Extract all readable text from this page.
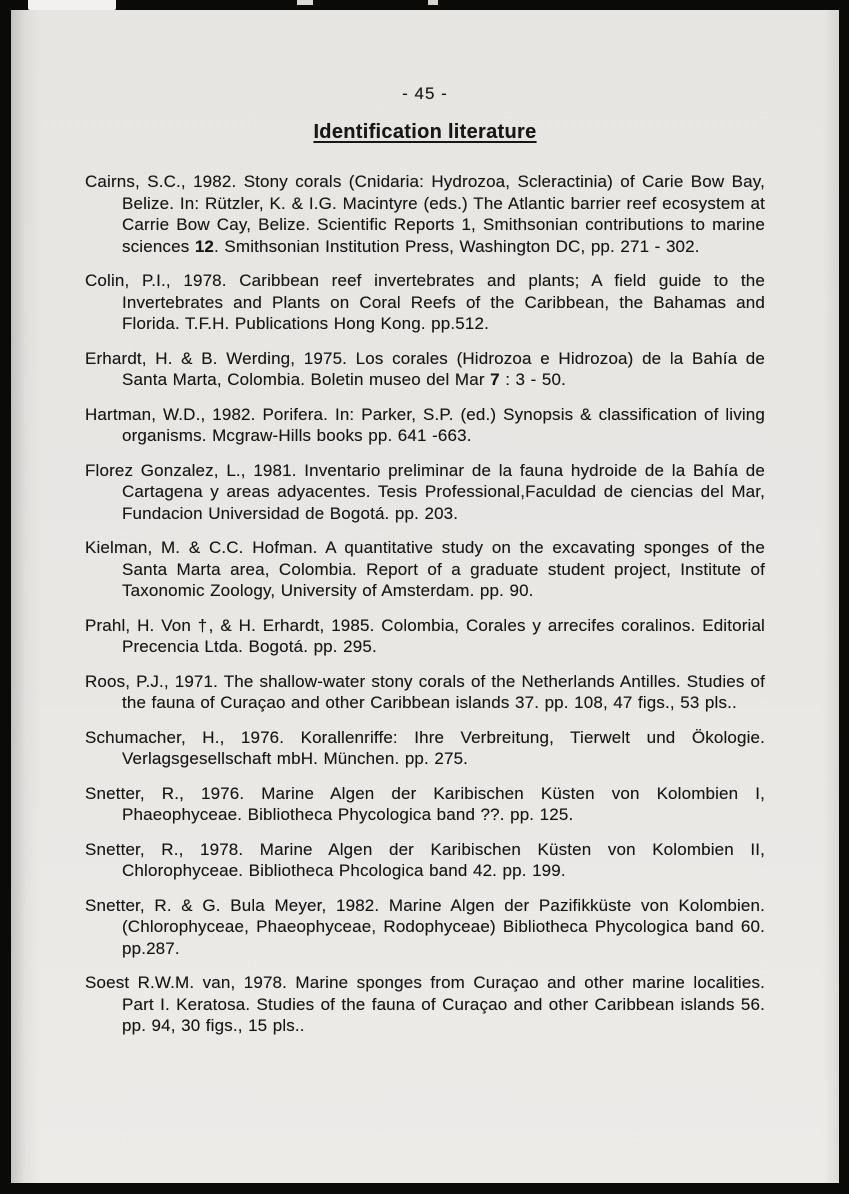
- 45 -
Identification literature

Cairns, S.C., 1982. Stony corals (Cnidaria: Hydrozoa, Scleractinia) of Carie Bow Bay, Belize. In: Rützler, K. & I.G. Macintyre (eds.) The Atlantic barrier reef ecosystem at Carrie Bow Cay, Belize. Scientific Reports 1, Smithsonian contributions to marine sciences 12. Smithsonian Institution Press, Washington DC, pp. 271 - 302.

Colin, P.I., 1978. Caribbean reef invertebrates and plants; A field guide to the Invertebrates and Plants on Coral Reefs of the Caribbean, the Bahamas and Florida. T.F.H. Publications Hong Kong. pp.512.

Erhardt, H. & B. Werding, 1975. Los corales (Hidrozoa e Hidrozoa) de la Bahía de Santa Marta, Colombia. Boletin museo del Mar 7 : 3 - 50.

Hartman, W.D., 1982. Porifera. In: Parker, S.P. (ed.) Synopsis & classification of living organisms. Mcgraw-Hills books pp. 641 -663.

Florez Gonzalez, L., 1981. Inventario preliminar de la fauna hydroide de la Bahía de Cartagena y areas adyacentes. Tesis Professional,Faculdad de ciencias del Mar, Fundacion Universidad de Bogotá. pp. 203.

Kielman, M. & C.C. Hofman. A quantitative study on the excavating sponges of the Santa Marta area, Colombia. Report of a graduate student project, Institute of Taxonomic Zoology, University of Amsterdam. pp. 90.

Prahl, H. Von †, & H. Erhardt, 1985. Colombia, Corales y arrecifes coralinos. Editorial Precencia Ltda. Bogotá. pp. 295.

Roos, P.J., 1971. The shallow-water stony corals of the Netherlands Antilles. Studies of the fauna of Curaçao and other Caribbean islands 37. pp. 108, 47 figs., 53 pls..

Schumacher, H., 1976. Korallenriffe: Ihre Verbreitung, Tierwelt und Ökologie. Verlagsgesellschaft mbH. München. pp. 275.

Snetter, R., 1976. Marine Algen der Karibischen Küsten von Kolombien I, Phaeophyceae. Bibliotheca Phycologica band ??. pp. 125.

Snetter, R., 1978. Marine Algen der Karibischen Küsten von Kolombien II, Chlorophyceae. Bibliotheca Phcologica band 42. pp. 199.

Snetter, R. & G. Bula Meyer, 1982. Marine Algen der Pazifikküste von Kolombien. (Chlorophyceae, Phaeophyceae, Rodophyceae) Bibliotheca Phycologica band 60. pp.287.

Soest R.W.M. van, 1978. Marine sponges from Curaçao and other marine localities. Part I. Keratosa. Studies of the fauna of Curaçao and other Caribbean islands 56. pp. 94, 30 figs., 15 pls..
